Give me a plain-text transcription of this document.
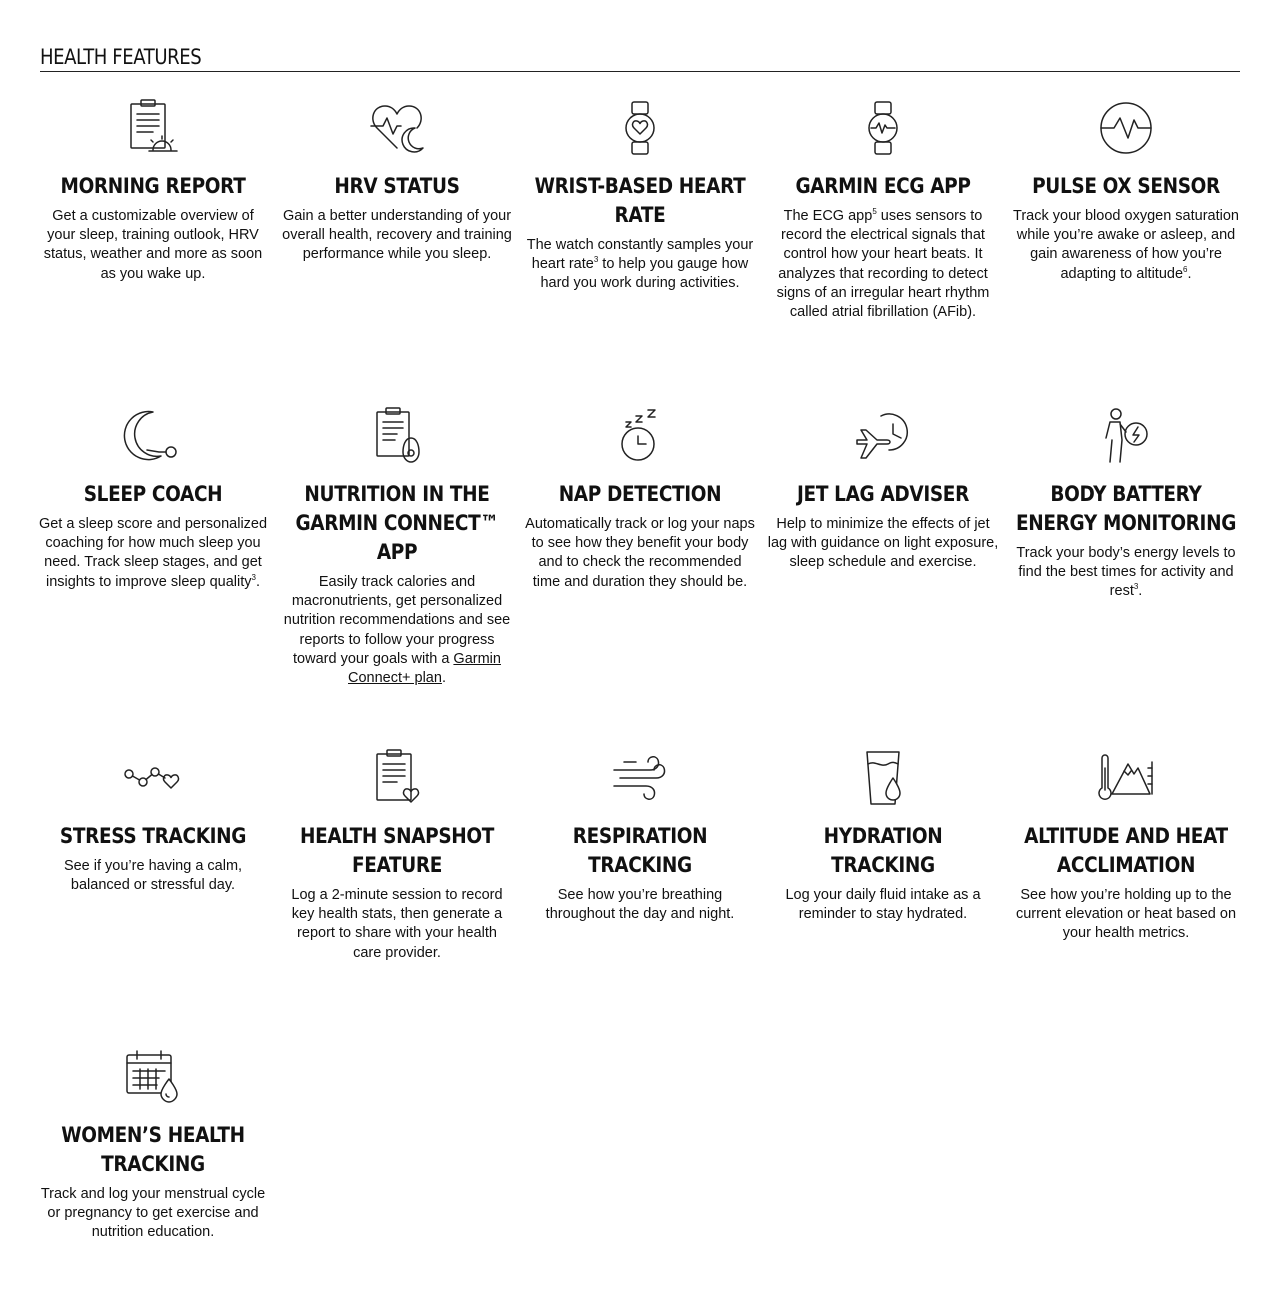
HEALTH FEATURES
MORNING REPORT

Get a customizable overview of your sleep, training outlook, HRV status, weather and more as soon as you wake up.

HRV STATUS

Gain a better understanding of your overall health, recovery and training performance while you sleep.

WRIST-BASED HEART RATE

The watch constantly samples your heart rate$^3$ to help you gauge how hard you work during activities.

GARMIN ECG APP

The ECG app$^5$ uses sensors to record the electrical signals that control how your heart beats. It analyzes that recording to detect signs of an irregular heart rhythm called atrial fibrillation (AFib).

PULSE OX SENSOR

Track your blood oxygen saturation while you’re awake or asleep, and gain awareness of how you’re adapting to altitude$^6$.

SLEEP COACH

Get a sleep score and personalized coaching for how much sleep you need. Track sleep stages, and get insights to improve sleep quality$^3$.

NUTRITION IN THE GARMIN CONNECT™ APP

Easily track calories and macronutrients, get personalized nutrition recommendations and see reports to follow your progress toward your goals with a Garmin Connect+ plan.

NAP DETECTION

Automatically track or log your naps to see how they benefit your body and to check the recommended time and duration they should be.

JET LAG ADVISER

Help to minimize the effects of jet lag with guidance on light exposure, sleep schedule and exercise.

BODY BATTERY ENERGY MONITORING

Track your body’s energy levels to find the best times for activity and rest$^3$.

STRESS TRACKING

See if you’re having a calm, balanced or stressful day.

HEALTH SNAPSHOT FEATURE

Log a 2-minute session to record key health stats, then generate a report to share with your health care provider.

RESPIRATION TRACKING

See how you’re breathing throughout the day and night.

HYDRATION TRACKING

Log your daily fluid intake as a reminder to stay hydrated.

ALTITUDE AND HEAT ACCLIMATION

See how you’re holding up to the current elevation or heat based on your health metrics.

WOMEN’S HEALTH TRACKING

Track and log your menstrual cycle or pregnancy to get exercise and nutrition education.
